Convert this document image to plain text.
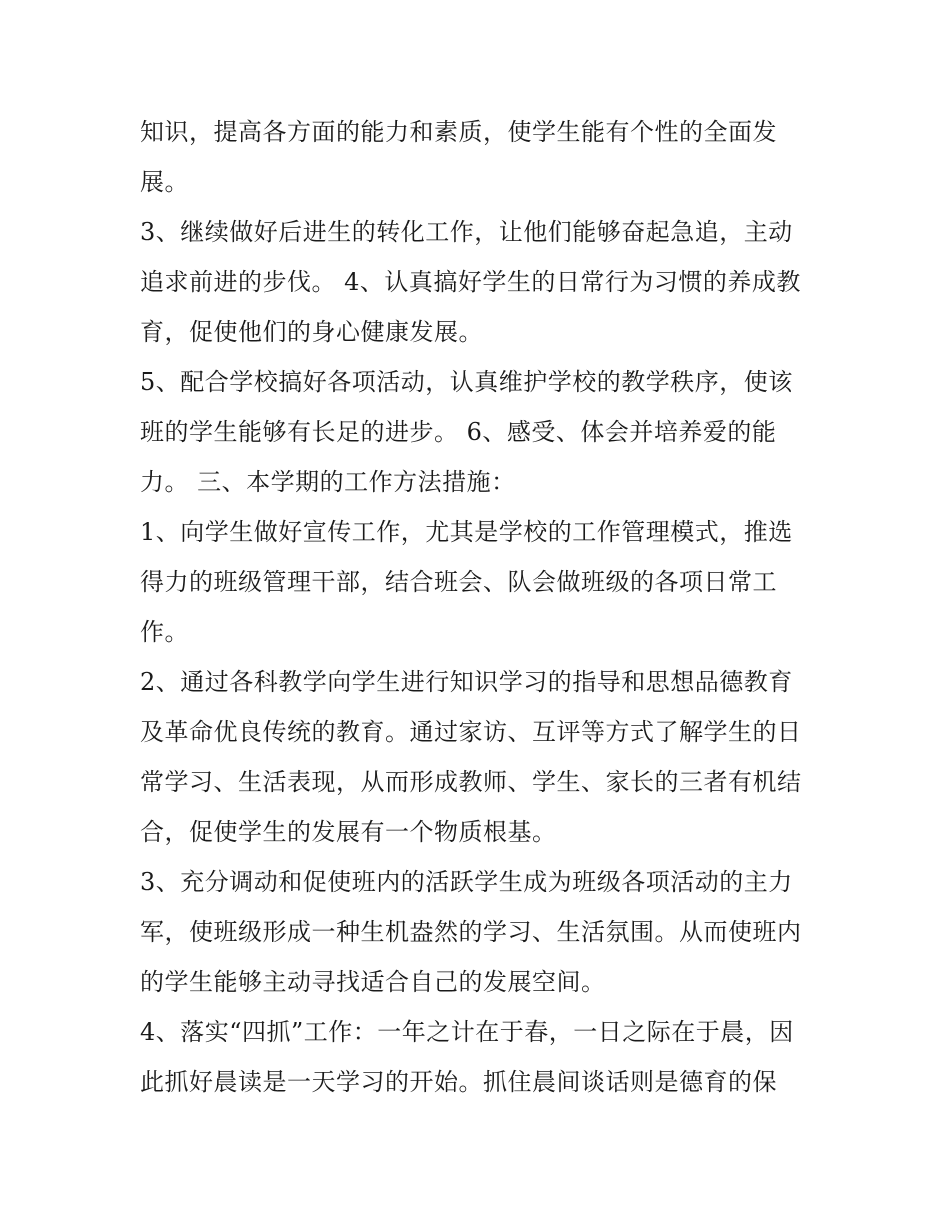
知识，提高各方面的能力和素质，使学生能有个性的全面发
展。
3、继续做好后进生的转化工作，让他们能够奋起急追，主动
追求前进的步伐。 4、认真搞好学生的日常行为习惯的养成教
育，促使他们的身心健康发展。
5、配合学校搞好各项活动，认真维护学校的教学秩序，使该
班的学生能够有长足的进步。 6、感受、体会并培养爱的能
力。 三、本学期的工作方法措施：
1、向学生做好宣传工作，尤其是学校的工作管理模式，推选
得力的班级管理干部，结合班会、队会做班级的各项日常工
作。
2、通过各科教学向学生进行知识学习的指导和思想品德教育
及革命优良传统的教育。通过家访、互评等方式了解学生的日
常学习、生活表现，从而形成教师、学生、家长的三者有机结
合，促使学生的发展有一个物质根基。
3、充分调动和促使班内的活跃学生成为班级各项活动的主力
军，使班级形成一种生机盎然的学习、生活氛围。从而使班内
的学生能够主动寻找适合自己的发展空间。
4、落实“四抓”工作：一年之计在于春，一日之际在于晨，因
此抓好晨读是一天学习的开始。抓住晨间谈话则是德育的保
